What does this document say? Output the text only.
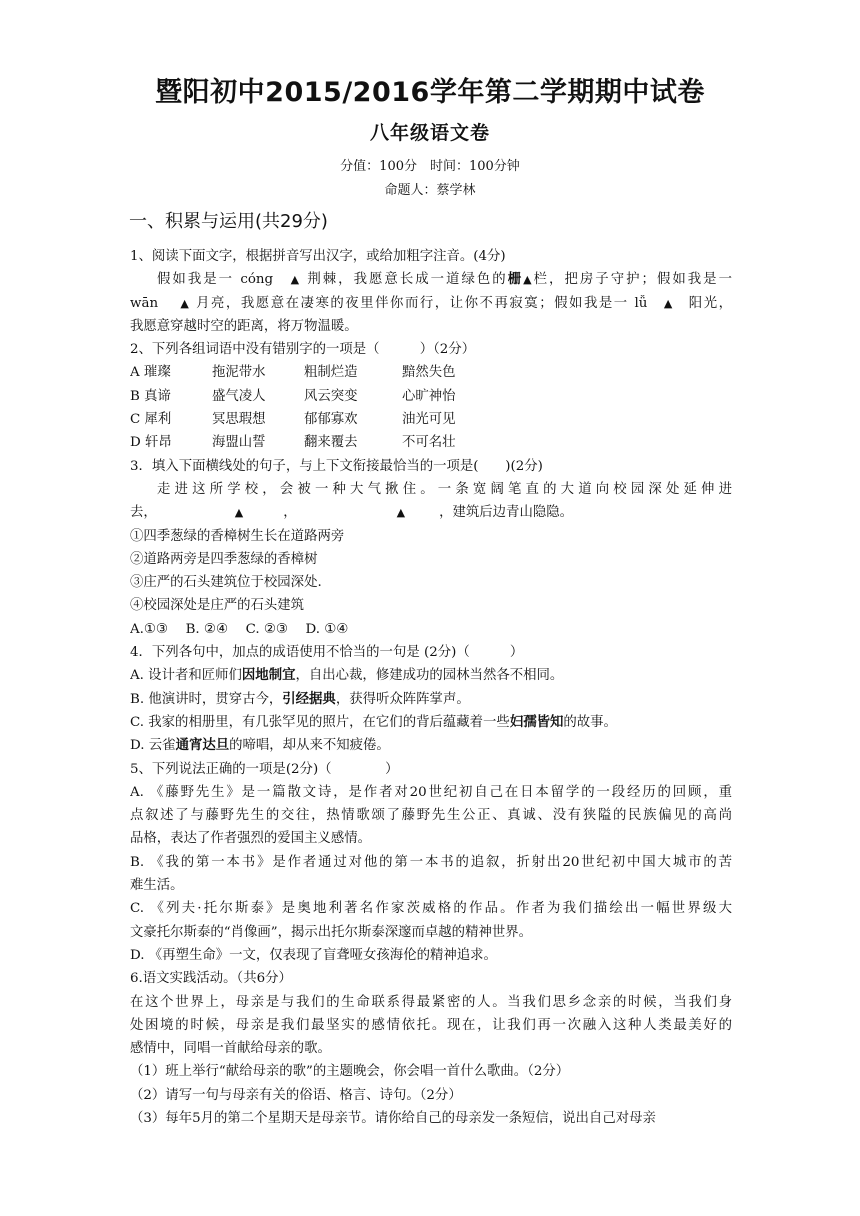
暨阳初中2015/2016学年第二学期期中试卷
八年级语文卷
分值：100分　时间：100分钟
命题人：蔡学林
一、积累与运用(共29分)
1、阅读下面文字，根据拼音写出汉字，或给加粗字注音。(4分)
假如我是一 cóng　▲ 荆棘，我愿意长成一道绿色的栅▲栏，把房子守护；假如我是一
wān　 ▲ 月亮，我愿意在凄寒的夜里伴你而行，让你不再寂寞；假如我是一 lǚ　▲　阳光，
我愿意穿越时空的距离，将万物温暖。
2、下列各组词语中没有错别字的一项是（　　　）（2分）
A 璀璨	拖泥带水	粗制烂造	黯然失色
B 真谛	盛气凌人	风云突变	心旷神怡
C 犀利	冥思瑕想	郁郁寡欢	油光可见
D 轩昂	海盟山誓	翻来覆去	不可名壮
3．填入下面横线处的句子，与上下文衔接最恰当的一项是(　　)(2分)
走进这所学校，会被一种大气揪住。一条宽阔笔直的大道向校园深处延伸进
去，	▲	，	▲	，建筑后边青山隐隐。
①四季葱绿的香樟树生长在道路两旁
②道路两旁是四季葱绿的香樟树
③庄严的石头建筑位于校园深处.
④校园深处是庄严的石头建筑
A.①③　 B. ②④　 C. ②③　 D. ①④
4．下列各句中，加点的成语使用不恰当的一句是 (2分)（　　　）
A. 设计者和匠师们因地制宜，自出心裁，修建成功的园林当然各不相同。
B. 他演讲时，贯穿古今，引经据典，获得听众阵阵掌声。
C. 我家的相册里，有几张罕见的照片，在它们的背后蕴藏着一些妇孺皆知的故事。
D. 云雀通宵达旦的啼唱，却从来不知疲倦。
5、下列说法正确的一项是(2分)（　　　　）
A. 《藤野先生》是一篇散文诗，是作者对20世纪初自己在日本留学的一段经历的回顾，重
点叙述了与藤野先生的交往，热情歌颂了藤野先生公正、真诚、没有狭隘的民族偏见的高尚
品格，表达了作者强烈的爱国主义感情。
B. 《我的第一本书》是作者通过对他的第一本书的追叙，折射出20世纪初中国大城市的苦
难生活。
C. 《列夫·托尔斯泰》是奥地利著名作家茨威格的作品。作者为我们描绘出一幅世界级大
文豪托尔斯泰的“肖像画”，揭示出托尔斯泰深邃而卓越的精神世界。
D. 《再塑生命》一文，仅表现了盲聋哑女孩海伦的精神追求。
6.语文实践活动。（共6分）
在这个世界上，母亲是与我们的生命联系得最紧密的人。当我们思乡念亲的时候，当我们身
处困境的时候，母亲是我们最坚实的感情依托。现在，让我们再一次融入这种人类最美好的
感情中，同唱一首献给母亲的歌。
（1）班上举行“献给母亲的歌”的主题晚会，你会唱一首什么歌曲。（2分）
（2）请写一句与母亲有关的俗语、格言、诗句。（2分）
（3）每年5月的第二个星期天是母亲节。请你给自己的母亲发一条短信，说出自己对母亲
